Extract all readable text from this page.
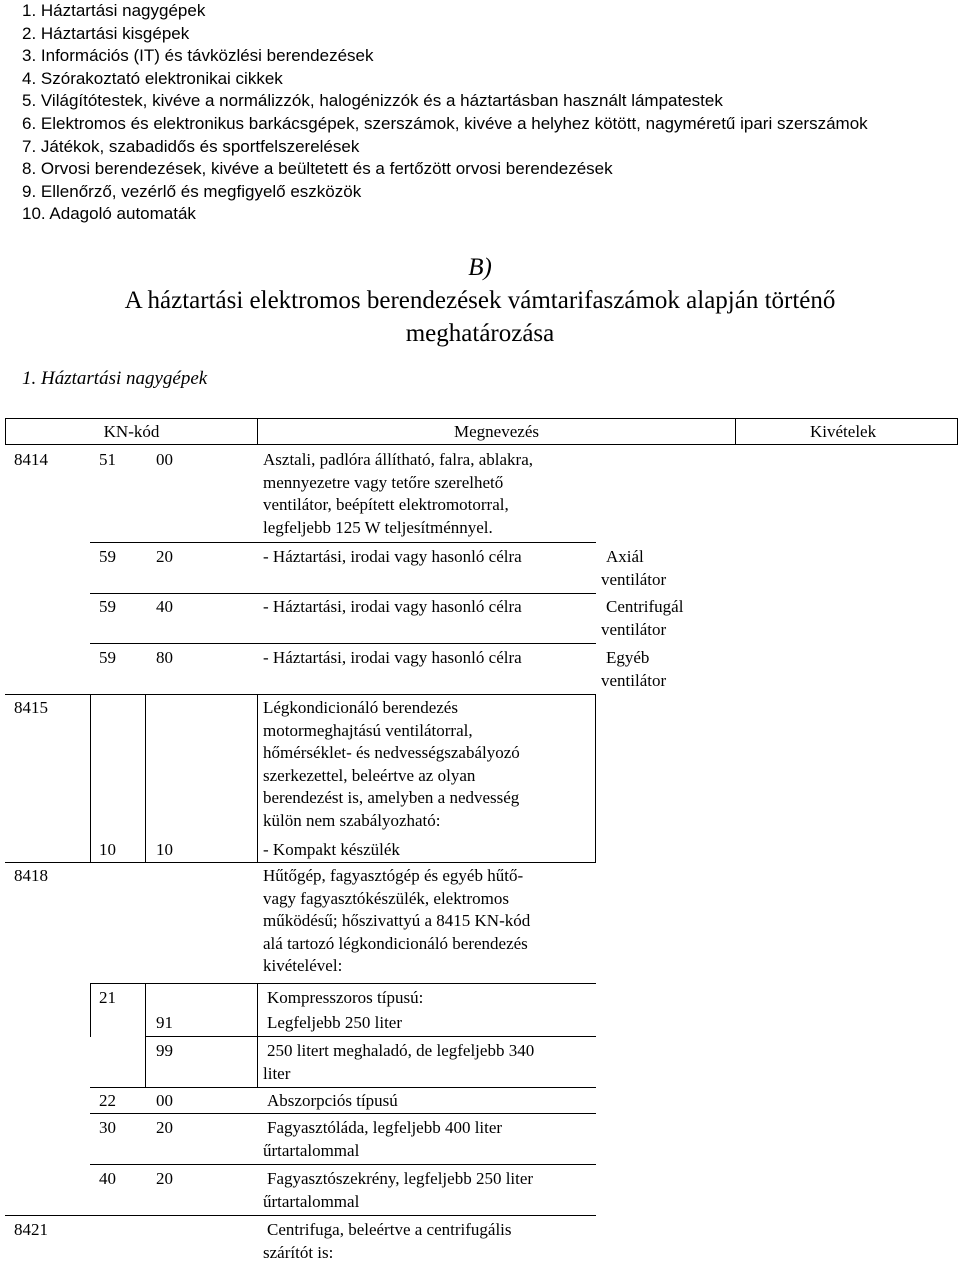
1. Háztartási nagygépek
2. Háztartási kisgépek
3. Információs (IT) és távközlési berendezések
4. Szórakoztató elektronikai cikkek
5. Világítótestek, kivéve a normálizzók, halogénizzók és a háztartásban használt lámpatestek
6. Elektromos és elektronikus barkácsgépek, szerszámok, kivéve a helyhez kötött, nagyméretű ipari szerszámok
7. Játékok, szabadidős és sportfelszerelések
8. Orvosi berendezések, kivéve a beültetett és a fertőzött orvosi berendezések
9. Ellenőrző, vezérlő és megfigyelő eszközök
10. Adagoló automaták
B)
A háztartási elektromos berendezések vámtarifaszámok alapján történő
meghatározása
1. Háztartási nagygépek
KN-kód	Megnevezés	Kivételek
8414	51 00	Asztali, padlóra állítható, falra, ablakra,
mennyezetre vagy tetőre szerelhető
ventilátor, beépített elektromotorral,
legfeljebb 125 W teljesítménnyel.
59 20	- Háztartási, irodai vagy hasonló célra	Axiál
ventilátor
59 40	- Háztartási, irodai vagy hasonló célra	Centrifugál
ventilátor
59 80	- Háztartási, irodai vagy hasonló célra	Egyéb
ventilátor
8415	Légkondicionáló berendezés
motormeghajtású ventilátorral,
hőmérséklet- és nedvességszabályozó
szerkezettel, beleértve az olyan
berendezést is, amelyben a nedvesség
külön nem szabályozható:
10 10	- Kompakt készülék
8418	Hűtőgép, fagyasztógép és egyéb hűtő-
vagy fagyasztókészülék, elektromos
működésű; hőszivattyú a 8415 KN-kód
alá tartozó légkondicionáló berendezés
kivételével:
21	Kompresszoros típusú:
91	Legfeljebb 250 liter
99	250 litert meghaladó, de legfeljebb 340
liter
22 00	Abszorpciós típusú
30 20	Fagyasztóláda, legfeljebb 400 liter
űrtartalommal
40 20	Fagyasztószekrény, legfeljebb 250 liter
űrtartalommal
8421	Centrifuga, beleértve a centrifugális
szárítót is:
